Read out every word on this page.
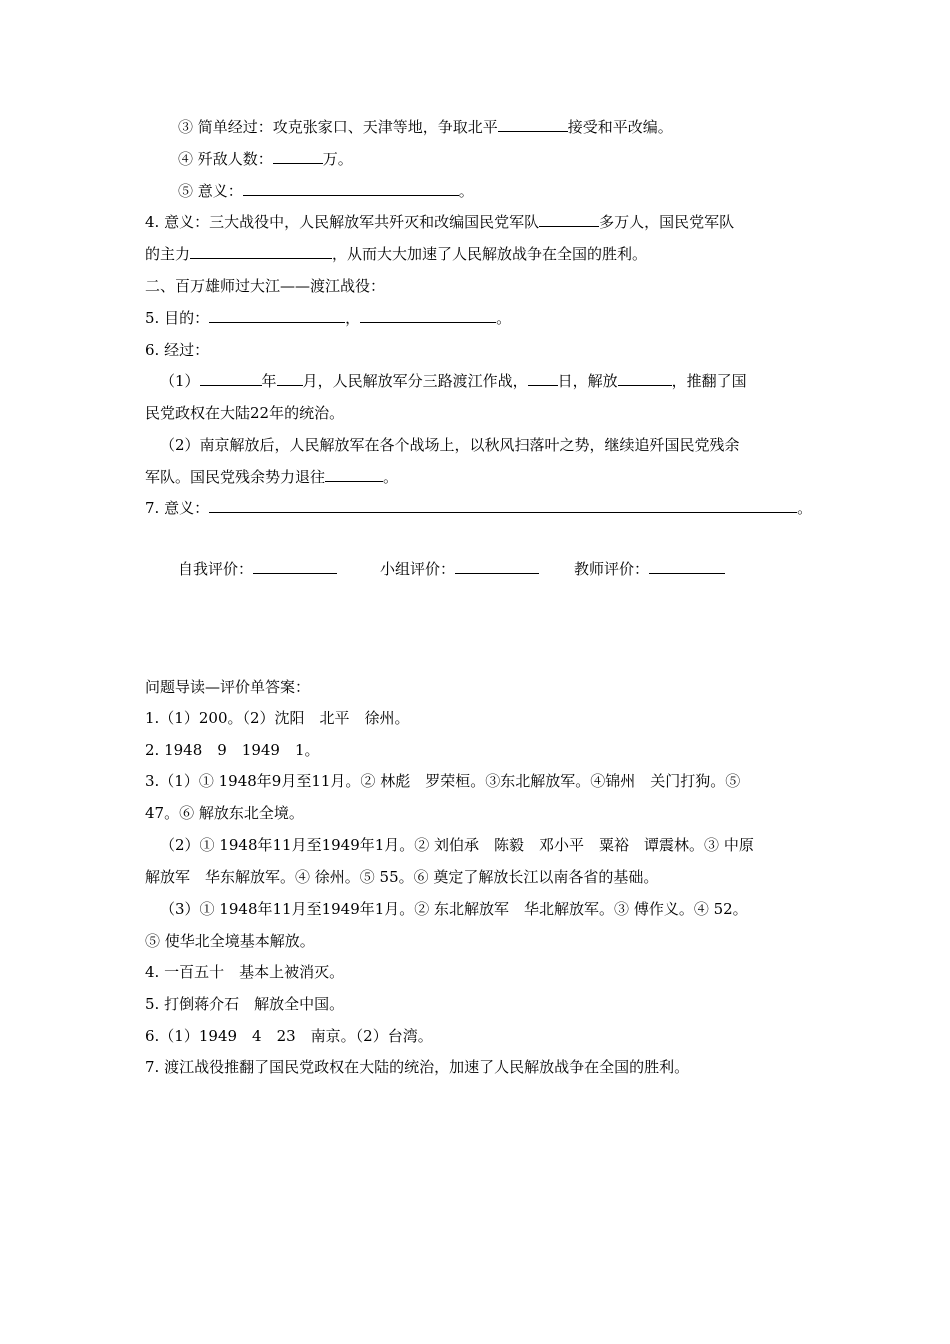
③ 简单经过：攻克张家口、天津等地，争取北平	接受和平改编。
④ 歼敌人数：	万。
⑤ 意义：	。
4. 意义：三大战役中，人民解放军共歼灭和改编国民党军队	多万人，国民党军队
的主力	，从而大大加速了人民解放战争在全国的胜利。
二、百万雄师过大江——渡江战役：
5. 目的：	，	。
6. 经过：
（1）	年 月，人民解放军分三路渡江作战， 日，解放	，推翻了国
民党政权在大陆22年的统治。
（2）南京解放后，人民解放军在各个战场上，以秋风扫落叶之势，继续追歼国民党残余
军队。国民党残余势力退往	。
7. 意义：	。
自我评价：	小组评价：	教师评价：
问题导读—评价单答案：
1.（1）200。（2）沈阳　北平　徐州。
2. 1948　9　1949　1。
3.（1）① 1948年9月至11月。② 林彪　罗荣桓。③东北解放军。④锦州　关门打狗。⑤
47。⑥ 解放东北全境。
（2）① 1948年11月至1949年1月。② 刘伯承　陈毅　邓小平　粟裕　谭震林。③ 中原
解放军　华东解放军。④ 徐州。⑤ 55。⑥ 奠定了解放长江以南各省的基础。
（3）① 1948年11月至1949年1月。② 东北解放军　华北解放军。③ 傅作义。④ 52。
⑤ 使华北全境基本解放。
4. 一百五十　基本上被消灭。
5. 打倒蒋介石　解放全中国。
6.（1）1949　4　23　南京。（2）台湾。
7. 渡江战役推翻了国民党政权在大陆的统治，加速了人民解放战争在全国的胜利。
